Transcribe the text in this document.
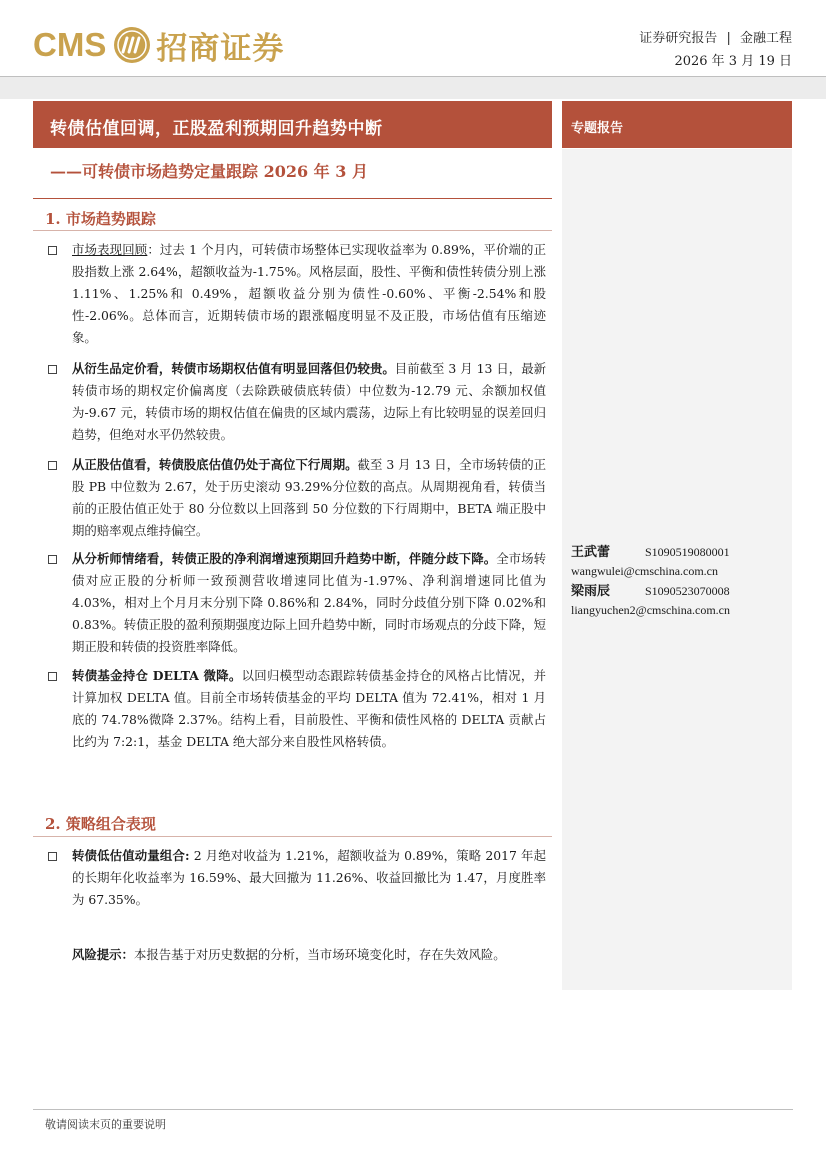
CMS 招商证券	证券研究报告 | 金融工程
2026 年 3 月 19 日
转债估值回调，正股盈利预期回升趋势中断
——可转债市场趋势定量跟踪 2026 年 3 月
专题报告
王武蕾	S1090519080001
wangwulei@cmschina.com.cn
梁雨辰	S1090523070008
liangyuchen2@cmschina.com.cn
1. 市场趋势跟踪
市场表现回顾：过去 1 个月内，可转债市场整体已实现收益率为 0.89%，平价端的正股指数上涨 2.64%，超额收益为-1.75%。风格层面，股性、平衡和债性转债分别上涨 1.11%、1.25%和 0.49%，超额收益分别为债性-0.60%、平衡-2.54%和股性-2.06%。总体而言，近期转债市场的跟涨幅度明显不及正股，市场估值有压缩迹象。
从衍生品定价看，转债市场期权估值有明显回落但仍较贵。目前截至 3 月 13 日，最新转债市场的期权定价偏离度（去除跌破债底转债）中位数为-12.79 元、余额加权值为-9.67 元，转债市场的期权估值在偏贵的区域内震荡，边际上有比较明显的误差回归趋势，但绝对水平仍然较贵。
从正股估值看，转债股底估值仍处于高位下行周期。截至 3 月 13 日，全市场转债的正股 PB 中位数为 2.67，处于历史滚动 93.29%分位数的高点。从周期视角看，转债当前的正股估值正处于 80 分位数以上回落到 50 分位数的下行周期中，BETA 端正股中期的赔率观点维持偏空。
从分析师情绪看，转债正股的净利润增速预期回升趋势中断，伴随分歧下降。全市场转债对应正股的分析师一致预测营收增速同比值为-1.97%、净利润增速同比值为 4.03%，相对上个月月末分别下降 0.86%和 2.84%，同时分歧值分别下降 0.02%和 0.83%。转债正股的盈利预期强度边际上回升趋势中断，同时市场观点的分歧下降，短期正股和转债的投资胜率降低。
转债基金持仓 DELTA 微降。以回归模型动态跟踪转债基金持仓的风格占比情况，并计算加权 DELTA 值。目前全市场转债基金的平均 DELTA 值为 72.41%，相对 1 月底的 74.78%微降 2.37%。结构上看，目前股性、平衡和债性风格的 DELTA 贡献占比约为 7:2:1，基金 DELTA 绝大部分来自股性风格转债。
2. 策略组合表现
转债低估值动量组合: 2 月绝对收益为 1.21%，超额收益为 0.89%，策略 2017 年起的长期年化收益率为 16.59%、最大回撤为 11.26%、收益回撤比为 1.47，月度胜率为 67.35%。
风险提示：本报告基于对历史数据的分析，当市场环境变化时，存在失效风险。
敬请阅读末页的重要说明
